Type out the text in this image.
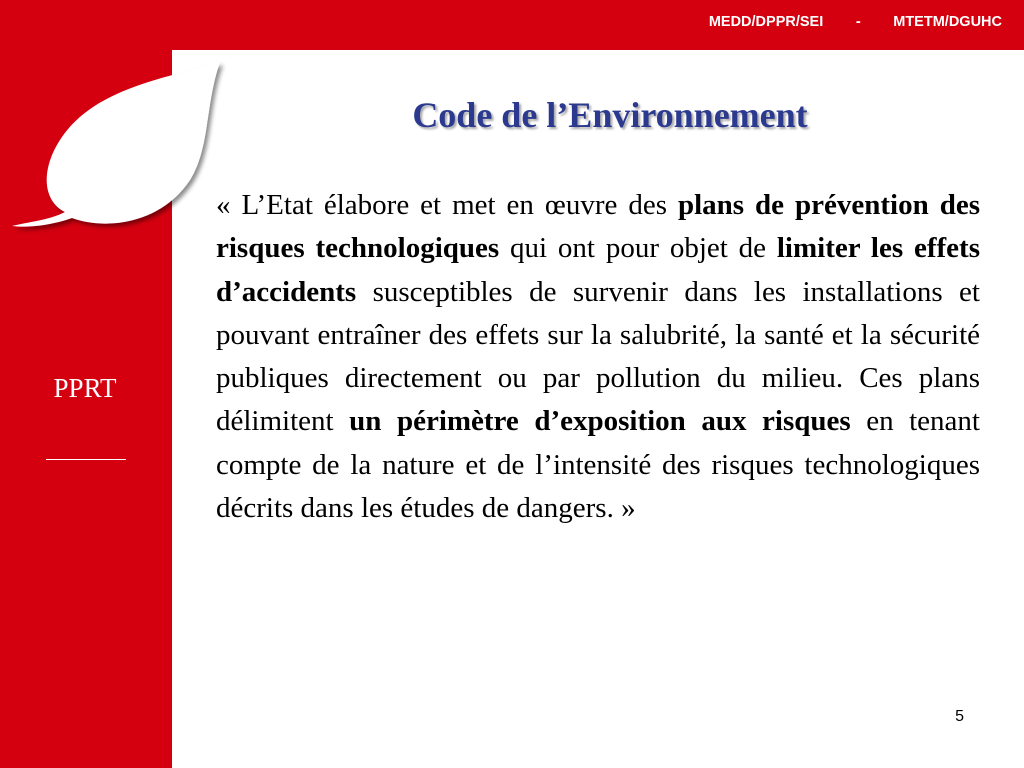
MEDD/DPPR/SEI	-	MTETM/DGUHC
PPRT
Code de l’Environnement

« L’Etat élabore et met en œuvre des plans de prévention des risques technologiques qui ont pour objet de limiter les effets d’accidents susceptibles de survenir dans les installations et pouvant entraîner des effets sur la salubrité, la santé et la sécurité publiques directement ou par pollution du milieu. Ces plans délimitent un périmètre d’exposition aux risques en tenant compte de la nature et de l’intensité des risques technologiques décrits dans les études de dangers. »

5
